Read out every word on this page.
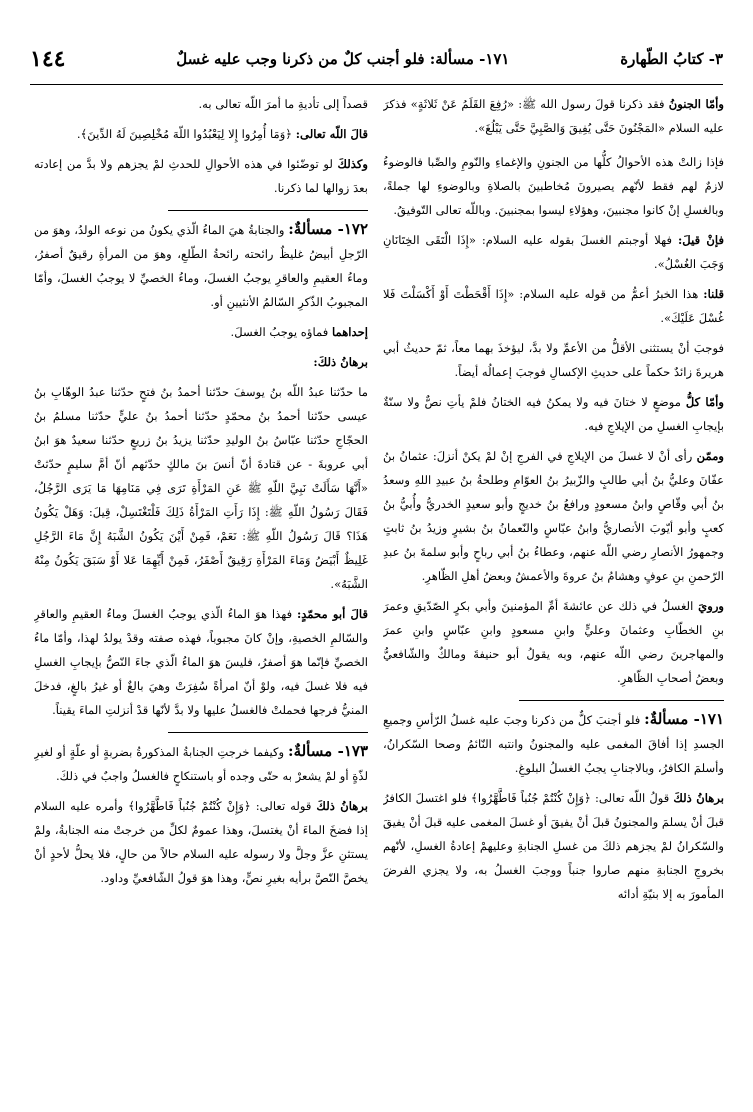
٣- كتابُ الطّهارة
١٧١- مسألة: فلو أجنب كلٌ من ذكرنا وجب عليه غسلٌ
١٤٤

وأمّا الجنونُ فقد ذكرنا قولَ رسول الله ﷺ: «رُفِعَ القَلَمُ عَنْ ثَلاثَةٍ» فذكرَ عليه السلام «المَجْنُونَ حَتَّى يُفِيقَ وَالصَّبِيَّ حَتَّى يَبْلُغَ».

فإذا زالتْ هذه الأحوالُ كلُّها من الجنونِ والإغماءِ والنّومِ والصِّبا فالوضوءُ لازمٌ لهم فقط لأنّهم يصيرونَ مُخاطبينَ بالصلاةِ وبالوضوءِ لها جملةً، وبالغسلِ إنْ كانوا مجنبينَ، وهؤلاءِ ليسوا بمجنبينَ. وباللّه تعالى التّوفيقُ.

فإنْ قيلَ: فهلا أوجبتم الغسلَ بقوله عليه السلام: «إِذَا الْتَقَى الخِتَانَانِ وَجَبَ الغُسْلُ».

قلنا: هذا الخبرُ أعمُّ من قوله عليه السلام: «إِذَا أَقْحَطْتَ أَوْ أَكْسَلْتَ فَلا غُسْلَ عَلَيْكَ».

فوجبَ أنْ يستثنى الأقلُّ من الأعمِّ ولا بدَّ، ليؤخذَ بهما معاً، ثمّ حديثُ أبي هريرةَ زائدٌ حكماً على حديثِ الإكسالِ فوجبَ إعمالُه أيضاً.

وأمّا كلُّ موضعٍ لا ختانَ فيه ولا يمكنُ فيه الختانُ فلمْ يأتِ نصٌّ ولا سنّةٌ بإيجابِ الغسلِ من الإيلاجِ فيه.

وممّن رأى أنْ لا غسلَ من الإيلاجِ في الفرجِ إنْ لمْ يكنْ أنزلَ: عثمانُ بنُ عفّانَ وعليُّ بنُ أبي طالبٍ والزّبيرُ بنُ العوّامِ وطلحةُ بنُ عبيدِ اللهِ وسعدُ بنُ أبي وقّاصٍ وابنُ مسعودٍ ورافعُ بنُ خديجٍ وأبو سعيدٍ الخدريُّ وأُبيُّ بنُ كعبٍ وأبو أيّوبَ الأنصاريُّ وابنُ عبّاسٍ والنّعمانُ بنُ بشيرٍ وزيدُ بنُ ثابتٍ وجمهورُ الأنصارِ رضي اللّه عنهم، وعطاءُ بنُ أبي رباحٍ وأبو سلمةَ بنُ عبدِ الرّحمنِ بنِ عوفٍ وهشامُ بنُ عروةَ والأعمشُ وبعضُ أهلِ الظّاهرِ.

ورويَ الغسلُ في ذلك عن عائشةَ أمِّ المؤمنينَ وأبي بكرٍ الصّدّيقِ وعمرَ بنِ الخطّابِ وعثمانَ وعليٍّ وابنِ مسعودٍ وابنِ عبّاسٍ وابنِ عمرَ والمهاجرينَ رضي اللّه عنهم، وبه يقولُ أبو حنيفةَ ومالكٌ والشّافعيُّ وبعضُ أصحابِ الظّاهرِ.

١٧١- مسألةٌ: فلو أجنبَ كلٌّ من ذكرنا وجبَ عليه غسلُ الرّأسِ وجميعِ الجسدِ إذا أفاقَ المغمى عليه والمجنونُ وانتبه النّائمُ وصحا السّكرانُ، وأسلمَ الكافرُ، وبالاجنابِ يجبُ الغسلُ البلوغِ.

برهانُ ذلكَ قولُ اللّه تعالى: ﴿وَإِنْ كُنْتُمْ جُنُباً فَاطَّهَّرُوا﴾ فلو اغتسلَ الكافرُ قبلَ أنْ يسلمَ والمجنونُ قبلَ أنْ يفيقَ أو غسلَ المغمى عليه قبلَ أنْ يفيقَ والسّكرانُ لمْ يجزهم ذلكَ من غسلِ الجنابةِ وعليهمْ إعادةُ الغسلِ، لأنّهم بخروجِ الجنابةِ منهم صاروا جنباً ووجبَ الغسلُ به، ولا يجزي الفرضَ المأمورَ به إلا بنيّةِ أدائه

قصداً إلى تأديةِ ما أمرَ اللّه تعالى به.

قالَ اللّه تعالى: ﴿وَمَا أُمِرُوا إِلا لِيَعْبُدُوا اللّهَ مُخْلِصِينَ لَهُ الدِّينَ﴾.

وكذلكَ لو توضّئوا في هذه الأحوالِ للحدثِ لمْ يجزهم ولا بدَّ من إعادته بعدَ زوالها لما ذكرنا.

١٧٢- مسألةٌ: والجنابةُ هيَ الماءُ الّذي يكونُ من نوعه الولدُ، وهوَ من الرّجلِ أبيضُ غليظٌ رائحته رائحةُ الطّلعِ، وهوَ من المرأةِ رقيقٌ أصفرُ، وماءُ العقيمِ والعاقرِ يوجبُ الغسلَ، وماءُ الخصيِّ لا يوجبُ الغسلَ، وأمّا المجبوبُ الذّكرِ السّالمُ الأنثيينِ أو.

إحداهما فماؤه يوجبُ الغسلَ.

برهانُ ذلكَ:

ما حدّثنا عبدُ اللّه بنُ يوسفَ حدّثنا أحمدُ بنُ فتحٍ حدّثنا عبدُ الوهّابِ بنُ عيسى حدّثنا أحمدُ بنُ محمّدٍ حدّثنا أحمدُ بنُ عليٍّ حدّثنا مسلمُ بنُ الحجّاجِ حدّثنا عبّاسُ بنُ الوليدِ حدّثنا يزيدُ بنُ زريعٍ حدّثنا سعيدٌ هوَ ابنُ أبي عروبةَ - عن قتادةَ أنّ أنسَ بنَ مالكٍ حدّثهم أنّ أمَّ سليمٍ حدّثتْ «أَنَّهَا سَأَلَتْ نَبِيَّ اللّهِ ﷺ عَنِ المَرْأَةِ تَرَى فِي مَنَامِهَا مَا يَرَى الرَّجُلُ، فَقَالَ رَسُولُ اللّهِ ﷺ: إِذَا رَأَتِ المَرْأَةُ ذَلِكَ فَلْتَغْتَسِلْ، قِيلَ: وَهَلْ يَكُونُ هَذَا؟ قَالَ رَسُولُ اللّهِ ﷺ: نَعَمْ، فَمِنْ أَيْنَ يَكُونُ الشَّبَهُ إِنَّ مَاءَ الرَّجُلِ غَلِيظٌ أَبْيَضُ وَمَاءَ المَرْأَةِ رَقِيقٌ أَصْفَرُ، فَمِنْ أَيِّهِمَا عَلا أَوْ سَبَقَ يَكُونُ مِنْهُ الشَّبَهُ».

قالَ أبو محمّدٍ: فهذا هوَ الماءُ الّذي يوجبُ الغسلَ وماءُ العقيمِ والعاقرِ والسّالمِ الخصيةِ، وإنْ كانَ مجبوباً، فهذه صفته وقدْ يولدُ لهذا، وأمّا ماءُ الخصيِّ فإنّما هوَ أصفرُ، فليسَ هوَ الماءُ الّذي جاءَ النّصُّ بإيجابِ الغسلِ فيه فلا غسلَ فيه، ولوْ أنّ امرأةً سُفِرَتْ وهيَ بالغٌ أو غيرُ بالغٍ، فدخلَ المنيُّ فرجها فحملتْ فالغسلُ عليها ولا بدَّ لأنّها قدْ أنزلتِ الماءَ يقيناً.

١٧٣- مسألةٌ: وكيفما خرجتِ الجنابةُ المذكورةُ بضربةٍ أو علّةٍ أو لغيرِ لذّةٍ أو لمْ يشعرْ به حتّى وجده أو باستنكاحٍ فالغسلُ واجبٌ في ذلكَ.

برهانُ ذلكَ قوله تعالى: ﴿وَإِنْ كُنْتُمْ جُنُباً فَاطَّهَّرُوا﴾ وأمره عليه السلام إذا فضخَ الماءَ أنْ يغتسلَ، وهذا عمومٌ لكلِّ من خرجتْ منه الجنابةُ، ولمْ يستثنِ عزَّ وجلَّ ولا رسوله عليه السلام حالاً من حالٍ، فلا يحلُّ لأحدٍ أنْ يخصَّ النّصَّ برأيه بغيرِ نصٍّ، وهذا هوَ قولُ الشّافعيِّ وداود.
